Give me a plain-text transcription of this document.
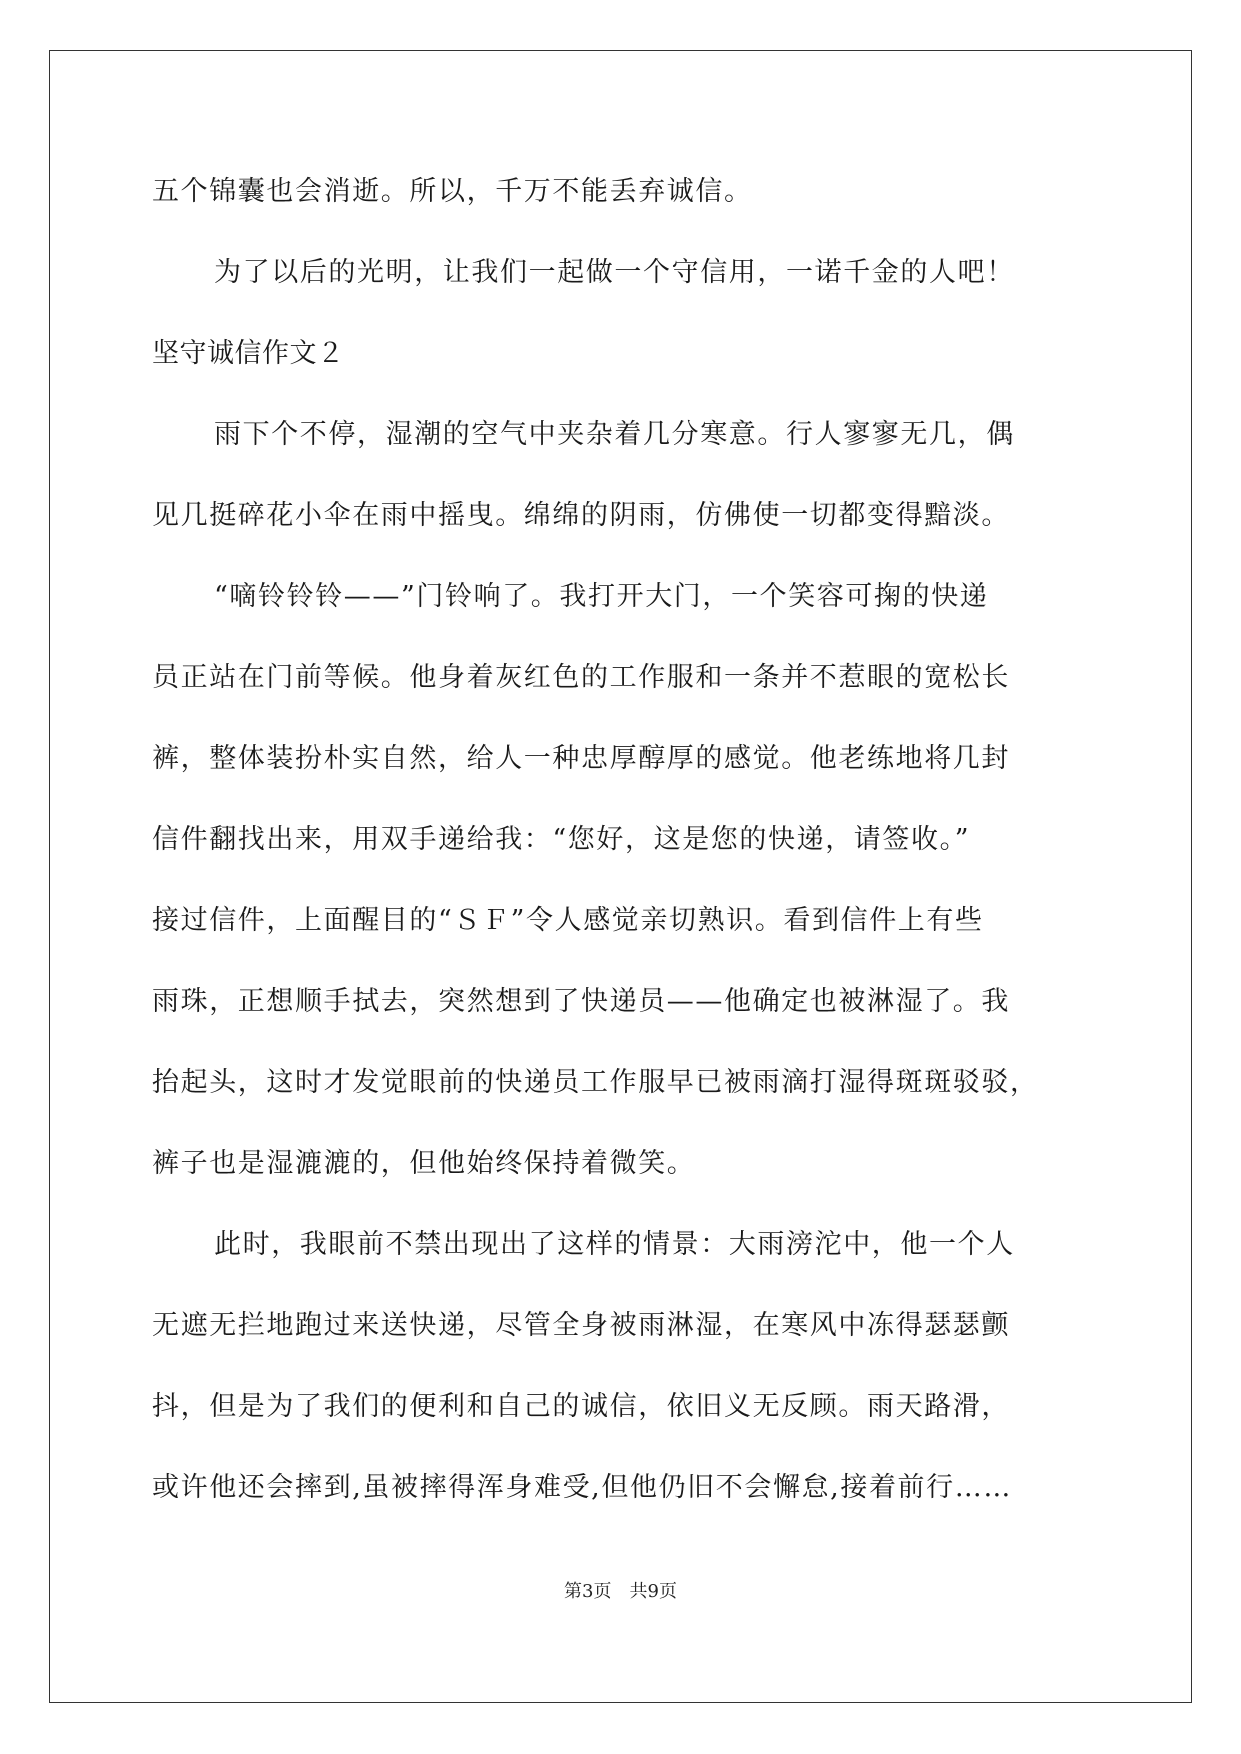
五个锦囊也会消逝。所以，千万不能丢弃诚信。
为了以后的光明，让我们一起做一个守信用，一诺千金的人吧！
坚守诚信作文２
雨下个不停，湿潮的空气中夹杂着几分寒意。行人寥寥无几，偶
见几挺碎花小伞在雨中摇曳。绵绵的阴雨，仿佛使一切都变得黯淡。
“嘀铃铃铃——”门铃响了。我打开大门，一个笑容可掬的快递
员正站在门前等候。他身着灰红色的工作服和一条并不惹眼的宽松长
裤，整体装扮朴实自然，给人一种忠厚醇厚的感觉。他老练地将几封
信件翻找出来，用双手递给我：“您好，这是您的快递，请签收。”
接过信件，上面醒目的“ＳＦ”令人感觉亲切熟识。看到信件上有些
雨珠，正想顺手拭去，突然想到了快递员——他确定也被淋湿了。我
抬起头，这时才发觉眼前的快递员工作服早已被雨滴打湿得斑斑驳驳，
裤子也是湿漉漉的，但他始终保持着微笑。
此时，我眼前不禁出现出了这样的情景：大雨滂沱中，他一个人
无遮无拦地跑过来送快递，尽管全身被雨淋湿，在寒风中冻得瑟瑟颤
抖，但是为了我们的便利和自己的诚信，依旧义无反顾。雨天路滑，
或许他还会摔到,虽被摔得浑身难受,但他仍旧不会懈怠,接着前行……
第3页 共9页
